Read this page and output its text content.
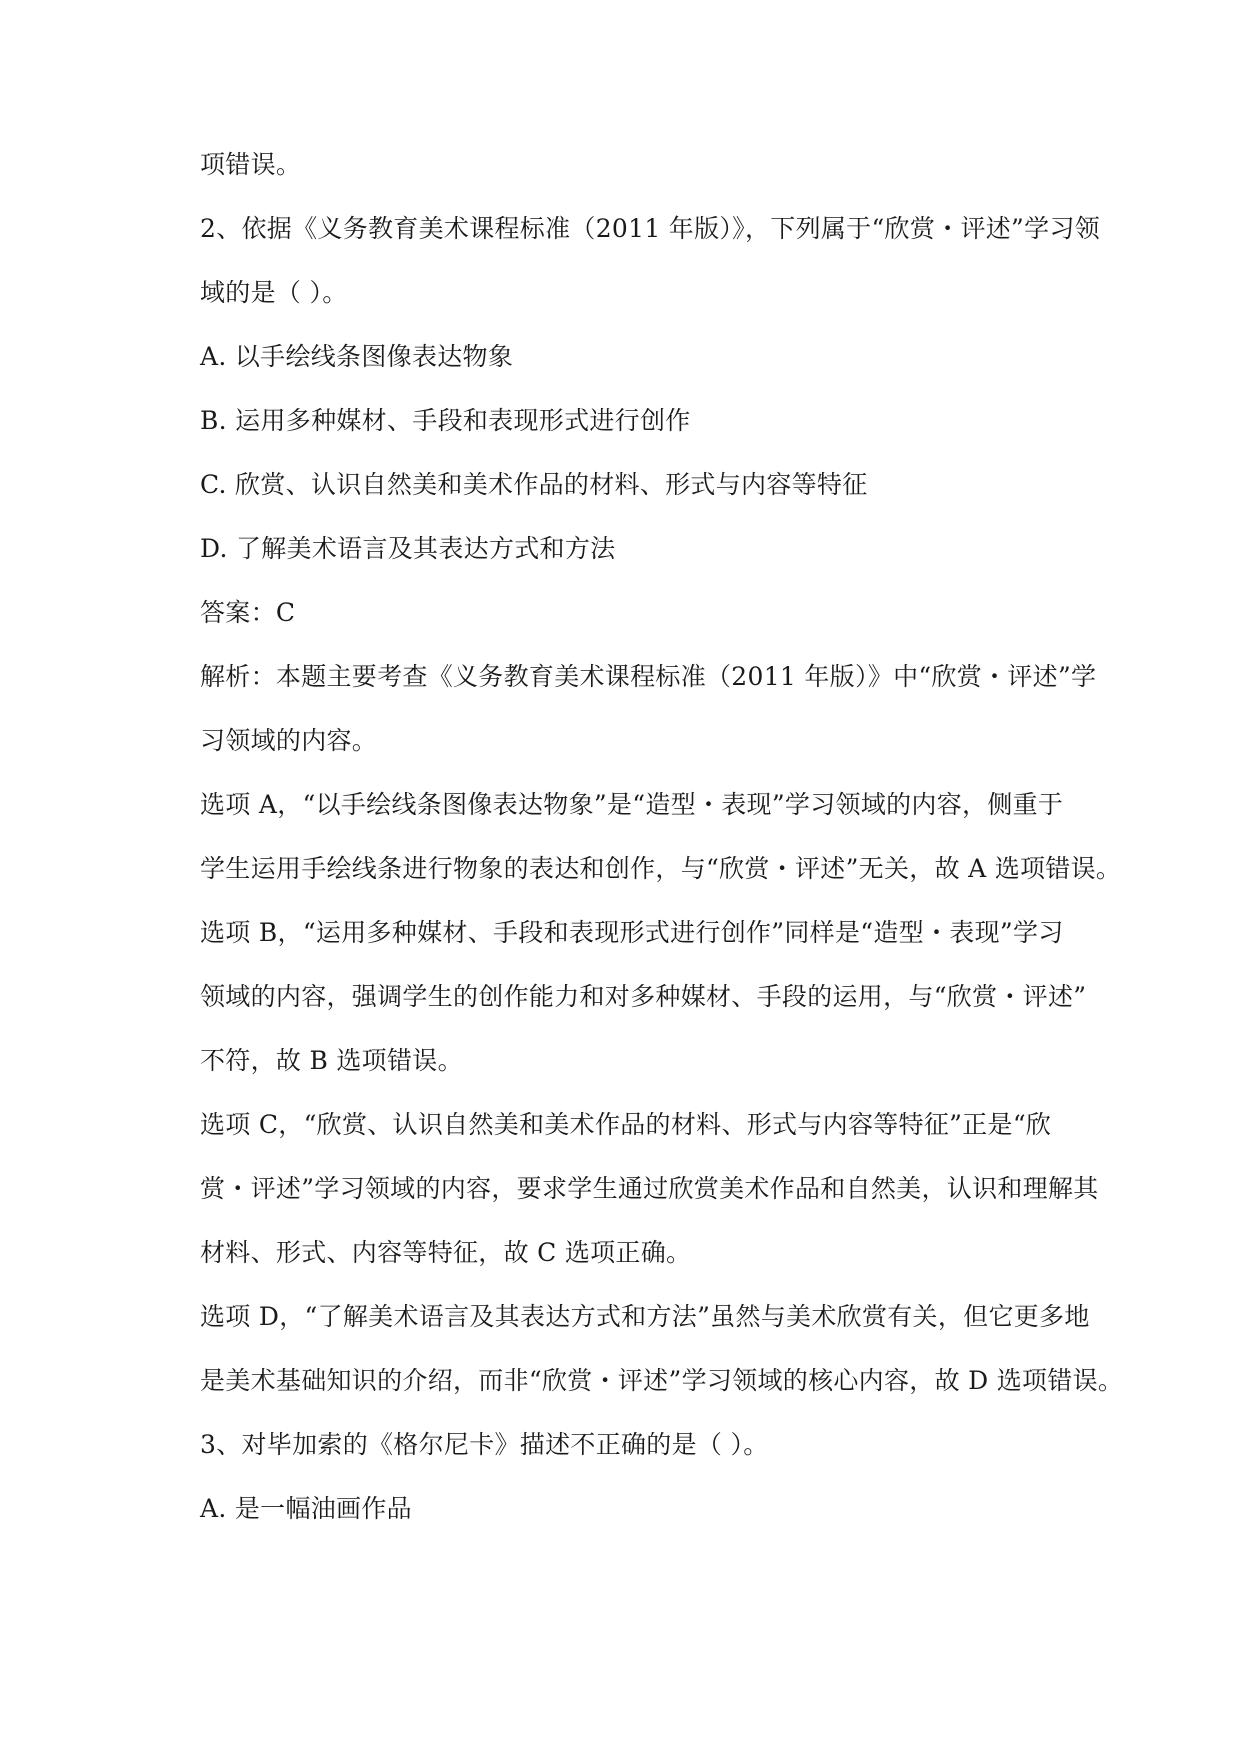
项错误。

2、依据《义务教育美术课程标准（2011 年版）》，下列属于“欣赏・评述”学习领

域的是（ ）。

A. 以手绘线条图像表达物象

B. 运用多种媒材、手段和表现形式进行创作

C. 欣赏、认识自然美和美术作品的材料、形式与内容等特征

D. 了解美术语言及其表达方式和方法

答案：C

解析：本题主要考查《义务教育美术课程标准（2011 年版）》中“欣赏・评述”学

习领域的内容。

选项 A，“以手绘线条图像表达物象”是“造型・表现”学习领域的内容，侧重于

学生运用手绘线条进行物象的表达和创作，与“欣赏・评述”无关，故 A 选项错误。

选项 B，“运用多种媒材、手段和表现形式进行创作”同样是“造型・表现”学习

领域的内容，强调学生的创作能力和对多种媒材、手段的运用，与“欣赏・评述”

不符，故 B 选项错误。

选项 C，“欣赏、认识自然美和美术作品的材料、形式与内容等特征”正是“欣

赏・评述”学习领域的内容，要求学生通过欣赏美术作品和自然美，认识和理解其

材料、形式、内容等特征，故 C 选项正确。

选项 D，“了解美术语言及其表达方式和方法”虽然与美术欣赏有关，但它更多地

是美术基础知识的介绍，而非“欣赏・评述”学习领域的核心内容，故 D 选项错误。

3、对毕加索的《格尔尼卡》描述不正确的是（ ）。

A. 是一幅油画作品
